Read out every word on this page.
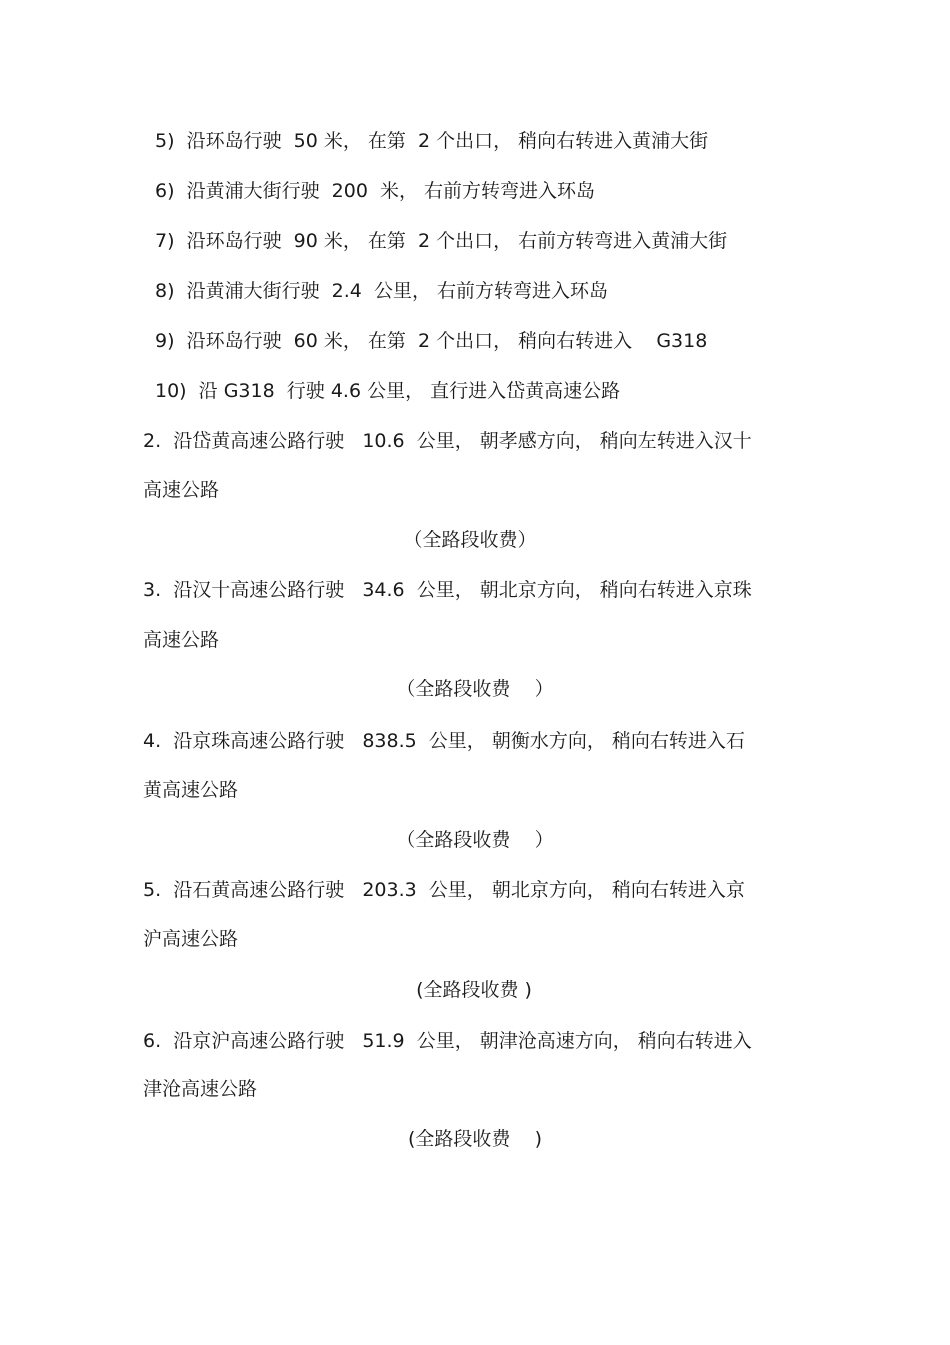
5)  沿环岛行驶  50 米， 在第  2 个出口， 稍向右转进入黄浦大街
6)  沿黄浦大街行驶  200  米， 右前方转弯进入环岛
7)  沿环岛行驶  90 米， 在第  2 个出口， 右前方转弯进入黄浦大街
8)  沿黄浦大街行驶  2.4  公里， 右前方转弯进入环岛
9)  沿环岛行驶  60 米， 在第  2 个出口， 稍向右转进入    G318
10)  沿 G318  行驶 4.6 公里， 直行进入岱黄高速公路
2.  沿岱黄高速公路行驶   10.6  公里， 朝孝感方向， 稍向左转进入汉十
高速公路
（全路段收费）
3.  沿汉十高速公路行驶   34.6  公里， 朝北京方向， 稍向右转进入京珠
高速公路
（全路段收费    ）
4.  沿京珠高速公路行驶   838.5  公里， 朝衡水方向， 稍向右转进入石
黄高速公路
（全路段收费    ）
5.  沿石黄高速公路行驶   203.3  公里， 朝北京方向， 稍向右转进入京
沪高速公路
(全路段收费 )
6.  沿京沪高速公路行驶   51.9  公里， 朝津沧高速方向， 稍向右转进入
津沧高速公路
(全路段收费    )
